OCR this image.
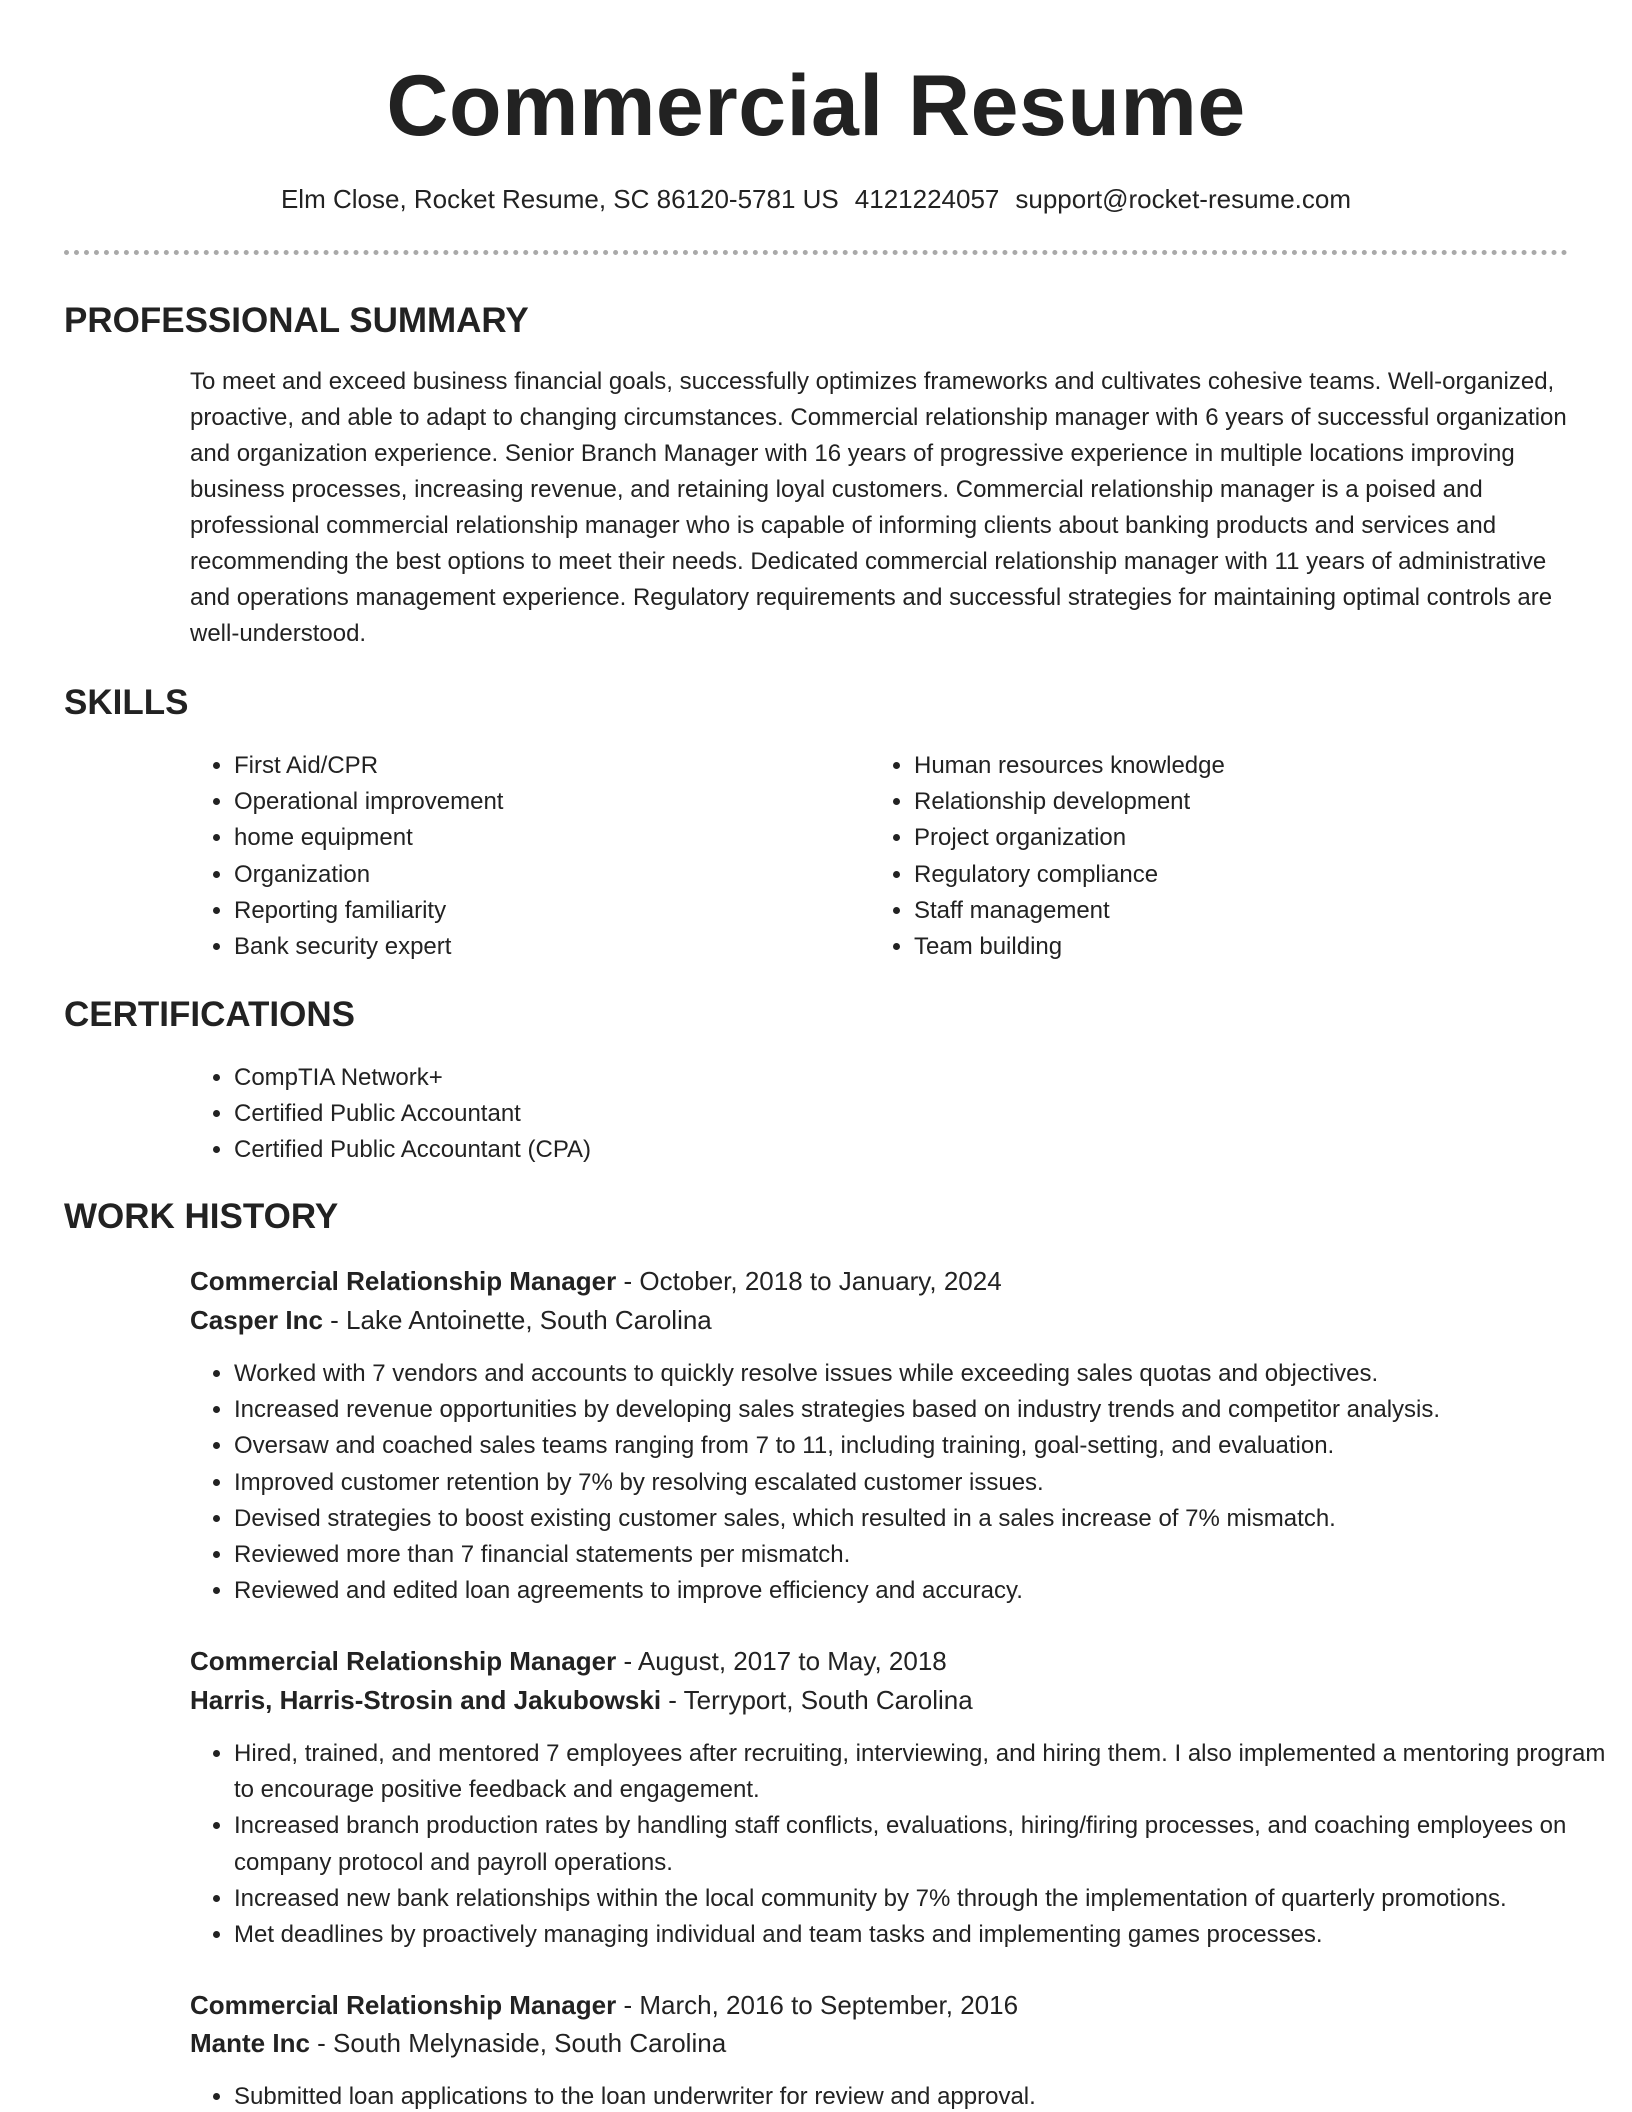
Commercial Resume
Elm Close, Rocket Resume, SC 86120-5781 US 4121224057 support@rocket-resume.com
PROFESSIONAL SUMMARY

To meet and exceed business financial goals, successfully optimizes frameworks and cultivates cohesive teams. Well-organized, proactive, and able to adapt to changing circumstances. Commercial relationship manager with 6 years of successful organization and organization experience. Senior Branch Manager with 16 years of progressive experience in multiple locations improving business processes, increasing revenue, and retaining loyal customers. Commercial relationship manager is a poised and professional commercial relationship manager who is capable of informing clients about banking products and services and recommending the best options to meet their needs. Dedicated commercial relationship manager with 11 years of administrative and operations management experience. Regulatory requirements and successful strategies for maintaining optimal controls are well-understood.

SKILLS
• First Aid/CPR
• Operational improvement
• home equipment
• Organization
• Reporting familiarity
• Bank security expert
• Human resources knowledge
• Relationship development
• Project organization
• Regulatory compliance
• Staff management
• Team building
CERTIFICATIONS
• CompTIA Network+
• Certified Public Accountant
• Certified Public Accountant (CPA)
WORK HISTORY
Commercial Relationship Manager - October, 2018 to January, 2024
Casper Inc - Lake Antoinette, South Carolina
• Worked with 7 vendors and accounts to quickly resolve issues while exceeding sales quotas and objectives.
• Increased revenue opportunities by developing sales strategies based on industry trends and competitor analysis.
• Oversaw and coached sales teams ranging from 7 to 11, including training, goal-setting, and evaluation.
• Improved customer retention by 7% by resolving escalated customer issues.
• Devised strategies to boost existing customer sales, which resulted in a sales increase of 7% mismatch.
• Reviewed more than 7 financial statements per mismatch.
• Reviewed and edited loan agreements to improve efficiency and accuracy.
Commercial Relationship Manager - August, 2017 to May, 2018
Harris, Harris-Strosin and Jakubowski - Terryport, South Carolina
• Hired, trained, and mentored 7 employees after recruiting, interviewing, and hiring them. I also implemented a mentoring program to encourage positive feedback and engagement.
• Increased branch production rates by handling staff conflicts, evaluations, hiring/firing processes, and coaching employees on company protocol and payroll operations.
• Increased new bank relationships within the local community by 7% through the implementation of quarterly promotions.
• Met deadlines by proactively managing individual and team tasks and implementing games processes.
Commercial Relationship Manager - March, 2016 to September, 2016
Mante Inc - South Melynaside, South Carolina
• Submitted loan applications to the loan underwriter for review and approval.
